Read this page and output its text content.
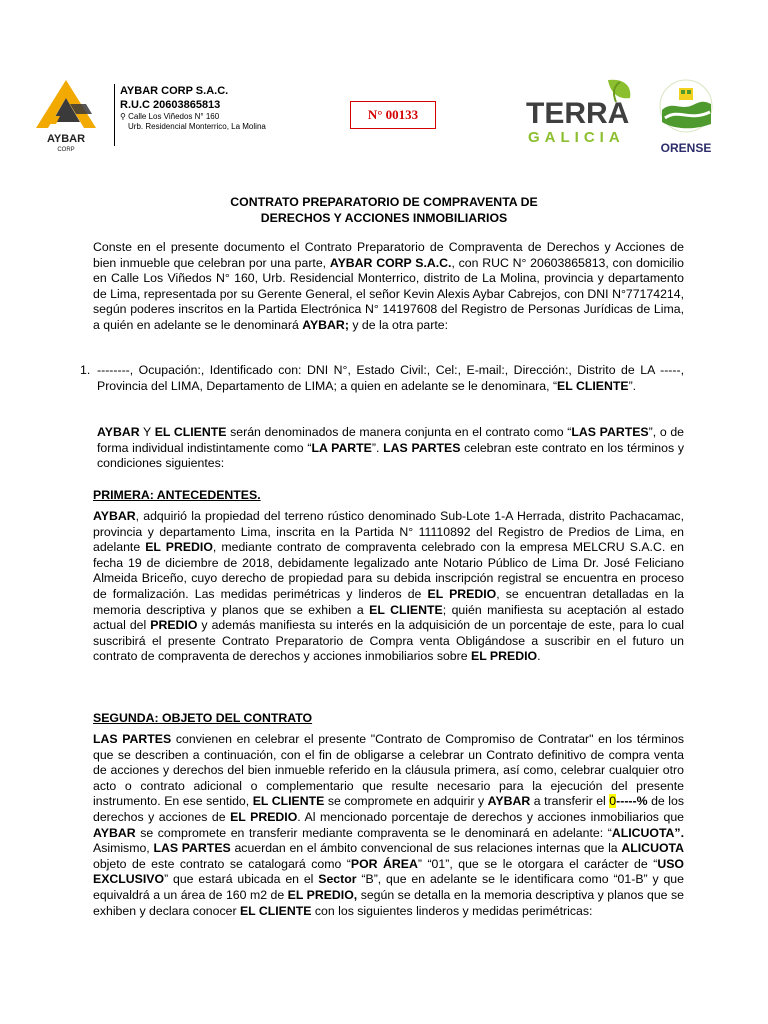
AYBAR
CORP
AYBAR CORP S.A.C.
R.U.C 20603865813
⚲ Calle Los Viñedos N° 160
Urb. Residencial Monterrico, La Molina
N° 00133	TERRA
GALICIA
ORENSE
CONTRATO PREPARATORIO DE COMPRAVENTA DE
DERECHOS Y ACCIONES INMOBILIARIOS
Conste en el presente documento el Contrato Preparatorio de Compraventa de Derechos y Acciones de bien inmueble que celebran por una parte, AYBAR CORP S.A.C., con RUC N° 20603865813, con domicilio en Calle Los Viñedos N° 160, Urb. Residencial Monterrico, distrito de La Molina, provincia y departamento de Lima, representada por su Gerente General, el señor Kevin Alexis Aybar Cabrejos, con DNI N°77174214, según poderes inscritos en la Partida Electrónica N° 14197608 del Registro de Personas Jurídicas de Lima, a quién en adelante se le denominará AYBAR; y de la otra parte:
1. --------, Ocupación:, Identificado con: DNI N°, Estado Civil:, Cel:, E-mail:, Dirección:, Distrito de LA -----, Provincia del LIMA, Departamento de LIMA; a quien en adelante se le denominara, “EL CLIENTE”.
AYBAR Y EL CLIENTE serán denominados de manera conjunta en el contrato como “LAS PARTES”, o de forma individual indistintamente como “LA PARTE”. LAS PARTES celebran este contrato en los términos y condiciones siguientes:
PRIMERA: ANTECEDENTES.
AYBAR, adquirió la propiedad del terreno rústico denominado Sub-Lote 1-A Herrada, distrito Pachacamac, provincia y departamento Lima, inscrita en la Partida N° 11110892 del Registro de Predios de Lima, en adelante EL PREDIO, mediante contrato de compraventa celebrado con la empresa MELCRU S.A.C. en fecha 19 de diciembre de 2018, debidamente legalizado ante Notario Público de Lima Dr. José Feliciano Almeida Briceño, cuyo derecho de propiedad para su debida inscripción registral se encuentra en proceso de formalización. Las medidas perimétricas y linderos de EL PREDIO, se encuentran detalladas en la memoria descriptiva y planos que se exhiben a EL CLIENTE; quién manifiesta su aceptación al estado actual del PREDIO y además manifiesta su interés en la adquisición de un porcentaje de este, para lo cual suscribirá el presente Contrato Preparatorio de Compra venta Obligándose a suscribir en el futuro un contrato de compraventa de derechos y acciones inmobiliarios sobre EL PREDIO.
SEGUNDA: OBJETO DEL CONTRATO
LAS PARTES convienen en celebrar el presente "Contrato de Compromiso de Contratar" en los términos que se describen a continuación, con el fin de obligarse a celebrar un Contrato definitivo de compra venta de acciones y derechos del bien inmueble referido en la cláusula primera, así como, celebrar cualquier otro acto o contrato adicional o complementario que resulte necesario para la ejecución del presente instrumento. En ese sentido, EL CLIENTE se compromete en adquirir y AYBAR a transferir el 0-----% de los derechos y acciones de EL PREDIO. Al mencionado porcentaje de derechos y acciones inmobiliarios que AYBAR se compromete en transferir mediante compraventa se le denominará en adelante: “ALICUOTA”. Asimismo, LAS PARTES acuerdan en el ámbito convencional de sus relaciones internas que la ALICUOTA objeto de este contrato se catalogará como “POR ÁREA” “01”, que se le otorgara el carácter de “USO EXCLUSIVO” que estará ubicada en el Sector “B”, que en adelante se le identificara como “01-B” y que equivaldrá a un área de 160 m2 de EL PREDIO, según se detalla en la memoria descriptiva y planos que se exhiben y declara conocer EL CLIENTE con los siguientes linderos y medidas perimétricas:
